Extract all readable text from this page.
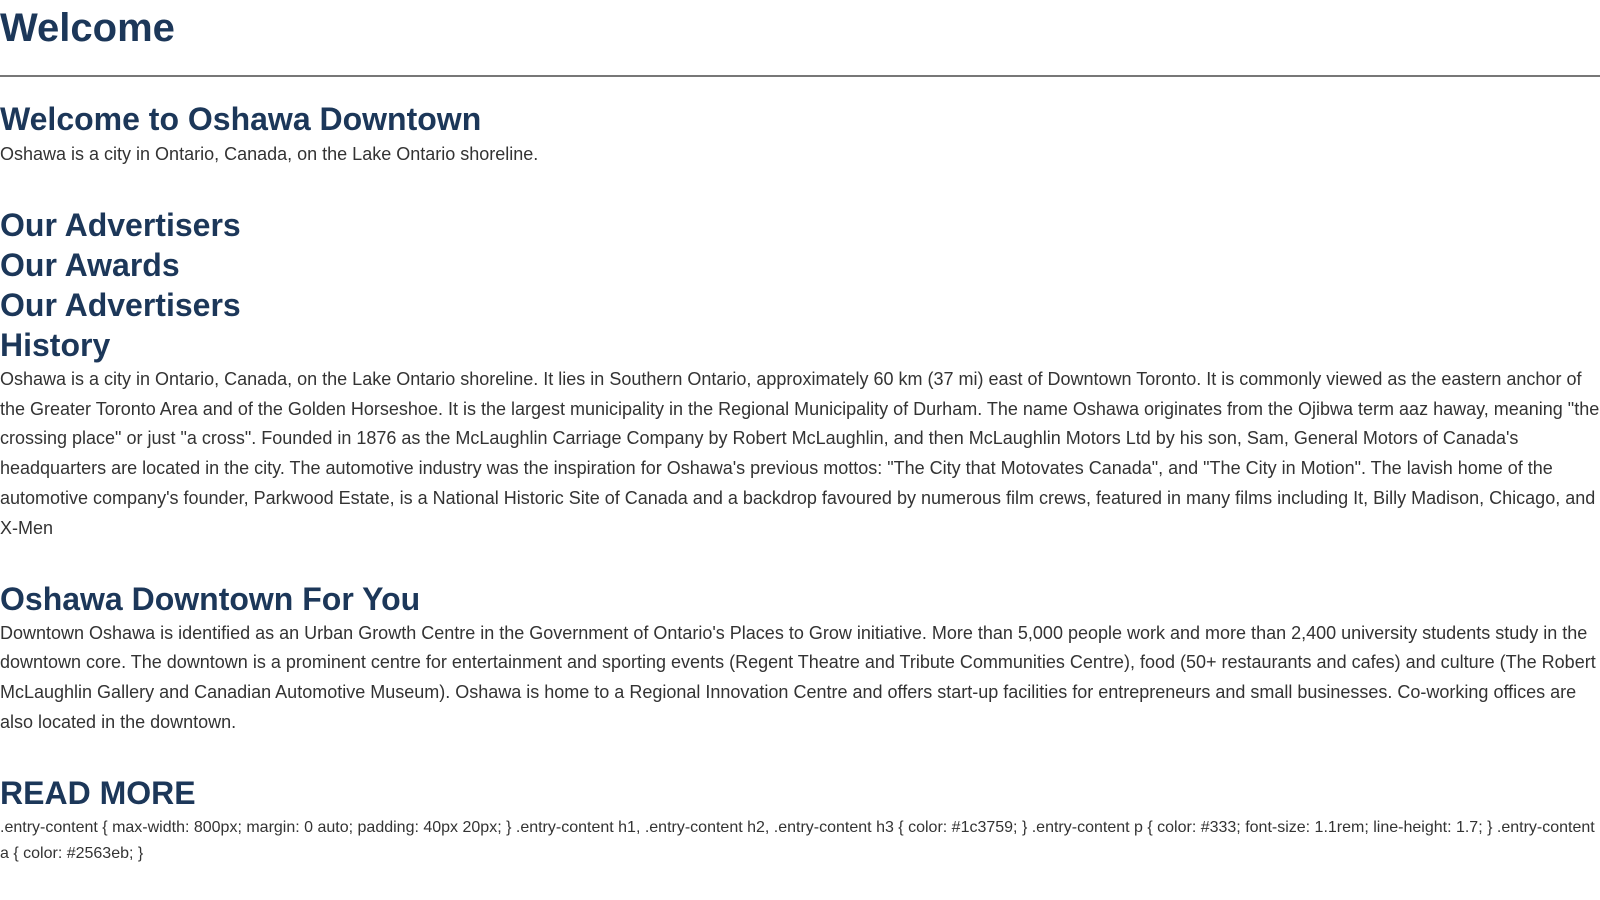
Welcome
Welcome to Oshawa Downtown

Oshawa is a city in Ontario, Canada, on the Lake Ontario shoreline.

Our Advertisers
Our Awards
Our Advertisers
History

Oshawa is a city in Ontario, Canada, on the Lake Ontario shoreline. It lies in Southern Ontario, approximately 60 km (37 mi) east of Downtown Toronto. It is commonly viewed as the eastern anchor of the Greater Toronto Area and of the Golden Horseshoe. It is the largest municipality in the Regional Municipality of Durham. The name Oshawa originates from the Ojibwa term aaz haway, meaning "the crossing place" or just "a cross". Founded in 1876 as the McLaughlin Carriage Company by Robert McLaughlin, and then McLaughlin Motors Ltd by his son, Sam, General Motors of Canada's headquarters are located in the city. The automotive industry was the inspiration for Oshawa's previous mottos: "The City that Motovates Canada", and "The City in Motion". The lavish home of the automotive company's founder, Parkwood Estate, is a National Historic Site of Canada and a backdrop favoured by numerous film crews, featured in many films including It, Billy Madison, Chicago, and X-Men

Oshawa Downtown For You

Downtown Oshawa is identified as an Urban Growth Centre in the Government of Ontario's Places to Grow initiative. More than 5,000 people work and more than 2,400 university students study in the downtown core. The downtown is a prominent centre for entertainment and sporting events (Regent Theatre and Tribute Communities Centre), food (50+ restaurants and cafes) and culture (The Robert McLaughlin Gallery and Canadian Automotive Museum). Oshawa is home to a Regional Innovation Centre and offers start-up facilities for entrepreneurs and small businesses. Co-working offices are also located in the downtown.

READ MORE

.entry-content { max-width: 800px; margin: 0 auto; padding: 40px 20px; } .entry-content h1, .entry-content h2, .entry-content h3 { color: #1c3759; } .entry-content p { color: #333; font-size: 1.1rem; line-height: 1.7; } .entry-content a { color: #2563eb; }
